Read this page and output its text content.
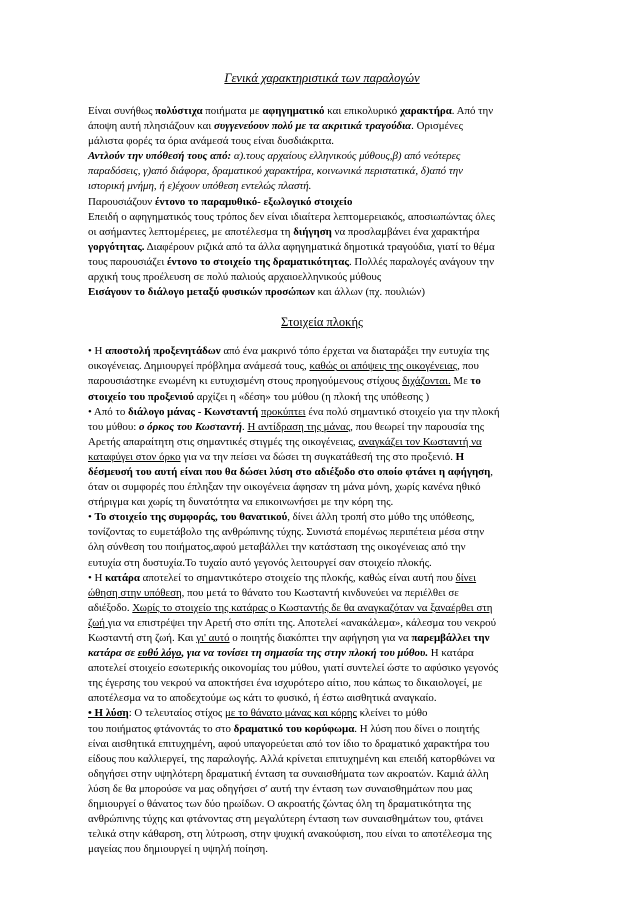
Γενικά χαρακτηριστικά των παραλογών
Είναι συνήθως πολύστιχα ποιήματα με αφηγηματικό και επικολυρικό χαρακτήρα. Από την
άποψη αυτή πλησιάζουν και συγγενεύουν πολύ με τα ακριτικά τραγούδια. Ορισμένες
μάλιστα φορές τα όρια ανάμεσά τους είναι δυσδιάκριτα.
Αντλούν την υπόθεσή τους από: α).τους αρχαίους ελληνικούς μύθους,β) από νεότερες
παραδόσεις, γ)από διάφορα, δραματικού χαρακτήρα, κοινωνικά περιστατικά, δ)από την
ιστορική μνήμη, ή ε)έχουν υπόθεση εντελώς πλαστή.
Παρουσιάζουν έντονο το παραμυθικό- εξωλογικό στοιχείο
Επειδή ο αφηγηματικός τους τρόπος δεν είναι ιδιαίτερα λεπτομερειακός, αποσιωπώντας όλες
οι ασήμαντες λεπτομέρειες, με αποτέλεσμα τη διήγηση να προσλαμβάνει ένα χαρακτήρα
γοργότητας. Διαφέρουν ριζικά από τα άλλα αφηγηματικά δημοτικά τραγούδια, γιατί το θέμα
τους παρουσιάζει έντονο το στοιχείο της δραματικότητας. Πολλές παραλογές ανάγουν την
αρχική τους προέλευση σε πολύ παλιούς αρχαιοελληνικούς μύθους
Εισάγουν το διάλογο μεταξύ φυσικών προσώπων και άλλων (πχ. πουλιών)
Στοιχεία πλοκής
• Η αποστολή προξενητάδων από ένα μακρινό τόπο έρχεται να διαταράξει την ευτυχία της
οικογένειας. Δημιουργεί πρόβλημα ανάμεσά τους, καθώς οι απόψεις της οικογένειας, που
παρουσιάστηκε ενωμένη κι ευτυχισμένη στους προηγούμενους στίχους διχάζονται. Με το
στοιχείο του προξενιού αρχίζει η «δέση» του μύθου (η πλοκή της υπόθεσης )
• Από το διάλογο μάνας - Κωνσταντή προκύπτει ένα πολύ σημαντικό στοιχείο για την πλοκή
του μύθου: ο όρκος του Κωσταντή. Η αντίδραση της μάνας, που θεωρεί την παρουσία της
Αρετής απαραίτητη στις σημαντικές στιγμές της οικογένειας, αναγκάζει τον Κωσταντή να
καταφύγει στον όρκο για να την πείσει να δώσει τη συγκατάθεσή της στο προξενιό. Η
δέσμευσή του αυτή είναι που θα δώσει λύση στο αδιέξοδο στο οποίο φτάνει η αφήγηση,
όταν οι συμφορές που έπληξαν την οικογένεια άφησαν τη μάνα μόνη, χωρίς κανένα ηθικό
στήριγμα και χωρίς τη δυνατότητα να επικοινωνήσει με την κόρη της.
• Το στοιχείο της συμφοράς, του θανατικού, δίνει άλλη τροπή στο μύθο της υπόθεσης,
τονίζοντας το ευμετάβολο της ανθρώπινης τύχης. Συνιστά επομένως περιπέτεια μέσα στην
όλη σύνθεση του ποιήματος,αφού μεταβάλλει την κατάσταση της οικογένειας από την
ευτυχία στη δυστυχία.Το τυχαίο αυτό γεγονός λειτουργεί σαν στοιχείο πλοκής.
• Η κατάρα αποτελεί το σημαντικότερο στοιχείο της πλοκής, καθώς είναι αυτή που δίνει
ώθηση στην υπόθεση, που μετά το θάνατο του Κωσταντή κινδυνεύει να περιέλθει σε
αδιέξοδο. Χωρίς το στοιχείο της κατάρας ο Κωσταντής δε θα αναγκαζόταν να ξαναέρθει στη
ζωή για να επιστρέψει την Αρετή στο σπίτι της. Αποτελεί «ανακάλεμα», κάλεσμα του νεκρού
Κωσταντή στη ζωή. Και γι' αυτό ο ποιητής διακόπτει την αφήγηση για να παρεμβάλλει την
κατάρα σε ευθύ λόγο, για να τονίσει τη σημασία της στην πλοκή του μύθου. Η κατάρα
αποτελεί στοιχείο εσωτερικής οικονομίας του μύθου, γιατί συντελεί ώστε το αφύσικο γεγονός
της έγερσης του νεκρού να αποκτήσει ένα ισχυρότερο αίτιο, που κάπως το δικαιολογεί, με
αποτέλεσμα να το αποδεχτούμε ως κάτι το φυσικό, ή έστω αισθητικά αναγκαίο.
• Η λύση: Ο τελευταίος στίχος με το θάνατο μάνας και κόρης κλείνει το μύθο
του ποιήματος φτάνοντάς το στο δραματικό του κορύφωμα. Η λύση που δίνει ο ποιητής
είναι αισθητικά επιτυχημένη, αφού υπαγορεύεται από τον ίδιο το δραματικό χαρακτήρα του
είδους που καλλιεργεί, της παραλογής. Αλλά κρίνεται επιτυχημένη και επειδή κατορθώνει να
οδηγήσει στην υψηλότερη δραματική ένταση τα συναισθήματα των ακροατών. Καμιά άλλη
λύση δε θα μπορούσε να μας οδηγήσει σ' αυτή την ένταση των συναισθημάτων που μας
δημιουργεί ο θάνατος των δύο ηρωίδων. Ο ακροατής ζώντας όλη τη δραματικότητα της
ανθρώπινης τύχης και φτάνοντας στη μεγαλύτερη ένταση των συναισθημάτων του, φτάνει
τελικά στην κάθαρση, στη λύτρωση, στην ψυχική ανακούφιση, που είναι το αποτέλεσμα της
μαγείας που δημιουργεί η υψηλή ποίηση.
